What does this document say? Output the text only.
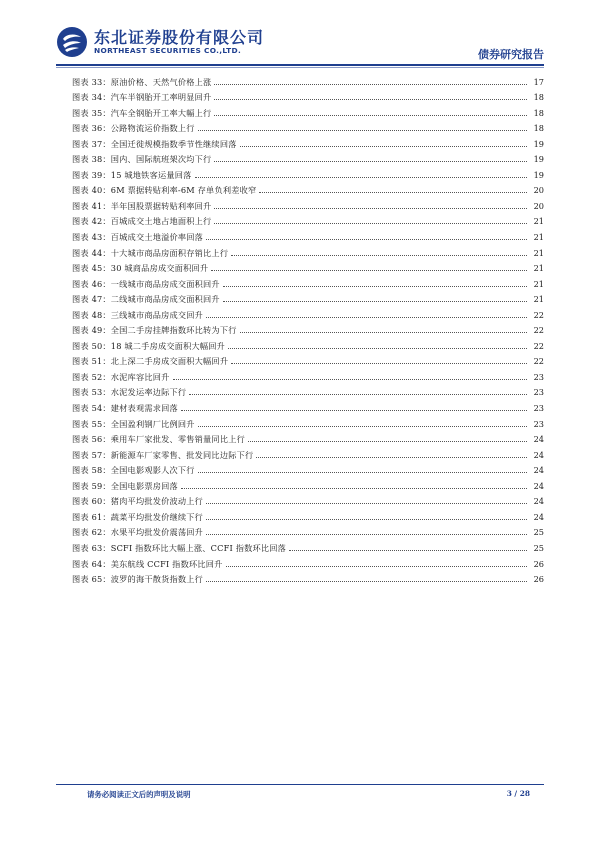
东北证券股份有限公司
NORTHEAST SECURITIES CO.,LTD.	债券研究报告
图表 33：原油价格、天然气价格上涨	17
图表 34：汽车半钢胎开工率明显回升	18
图表 35：汽车全钢胎开工率大幅上行	18
图表 36：公路物流运价指数上行	18
图表 37：全国迁徙规模指数季节性继续回落	19
图表 38：国内、国际航班架次均下行	19
图表 39：15 城地铁客运量回落	19
图表 40：6M 票据转贴利率-6M 存单负利差收窄	20
图表 41：半年国股票据转贴利率回升	20
图表 42：百城成交土地占地面积上行	21
图表 43：百城成交土地溢价率回落	21
图表 44：十大城市商品房面积存销比上行	21
图表 45：30 城商品房成交面积回升	21
图表 46：一线城市商品房成交面积回升	21
图表 47：二线城市商品房成交面积回升	21
图表 48：三线城市商品房成交回升	22
图表 49：全国二手房挂牌指数环比转为下行	22
图表 50：18 城二手房成交面积大幅回升	22
图表 51：北上深二手房成交面积大幅回升	22
图表 52：水泥库容比回升	23
图表 53：水泥发运率边际下行	23
图表 54：建材表观需求回落	23
图表 55：全国盈利钢厂比例回升	23
图表 56：乘用车厂家批发、零售销量同比上行	24
图表 57：新能源车厂家零售、批发同比边际下行	24
图表 58：全国电影观影人次下行	24
图表 59：全国电影票房回落	24
图表 60：猪肉平均批发价波动上行	24
图表 61：蔬菜平均批发价继续下行	24
图表 62：水果平均批发价震荡回升	25
图表 63：SCFI 指数环比大幅上涨、CCFI 指数环比回落	25
图表 64：美东航线 CCFI 指数环比回升	26
图表 65：波罗的海干散货指数上行	26
请务必阅读正文后的声明及说明	3 / 28
